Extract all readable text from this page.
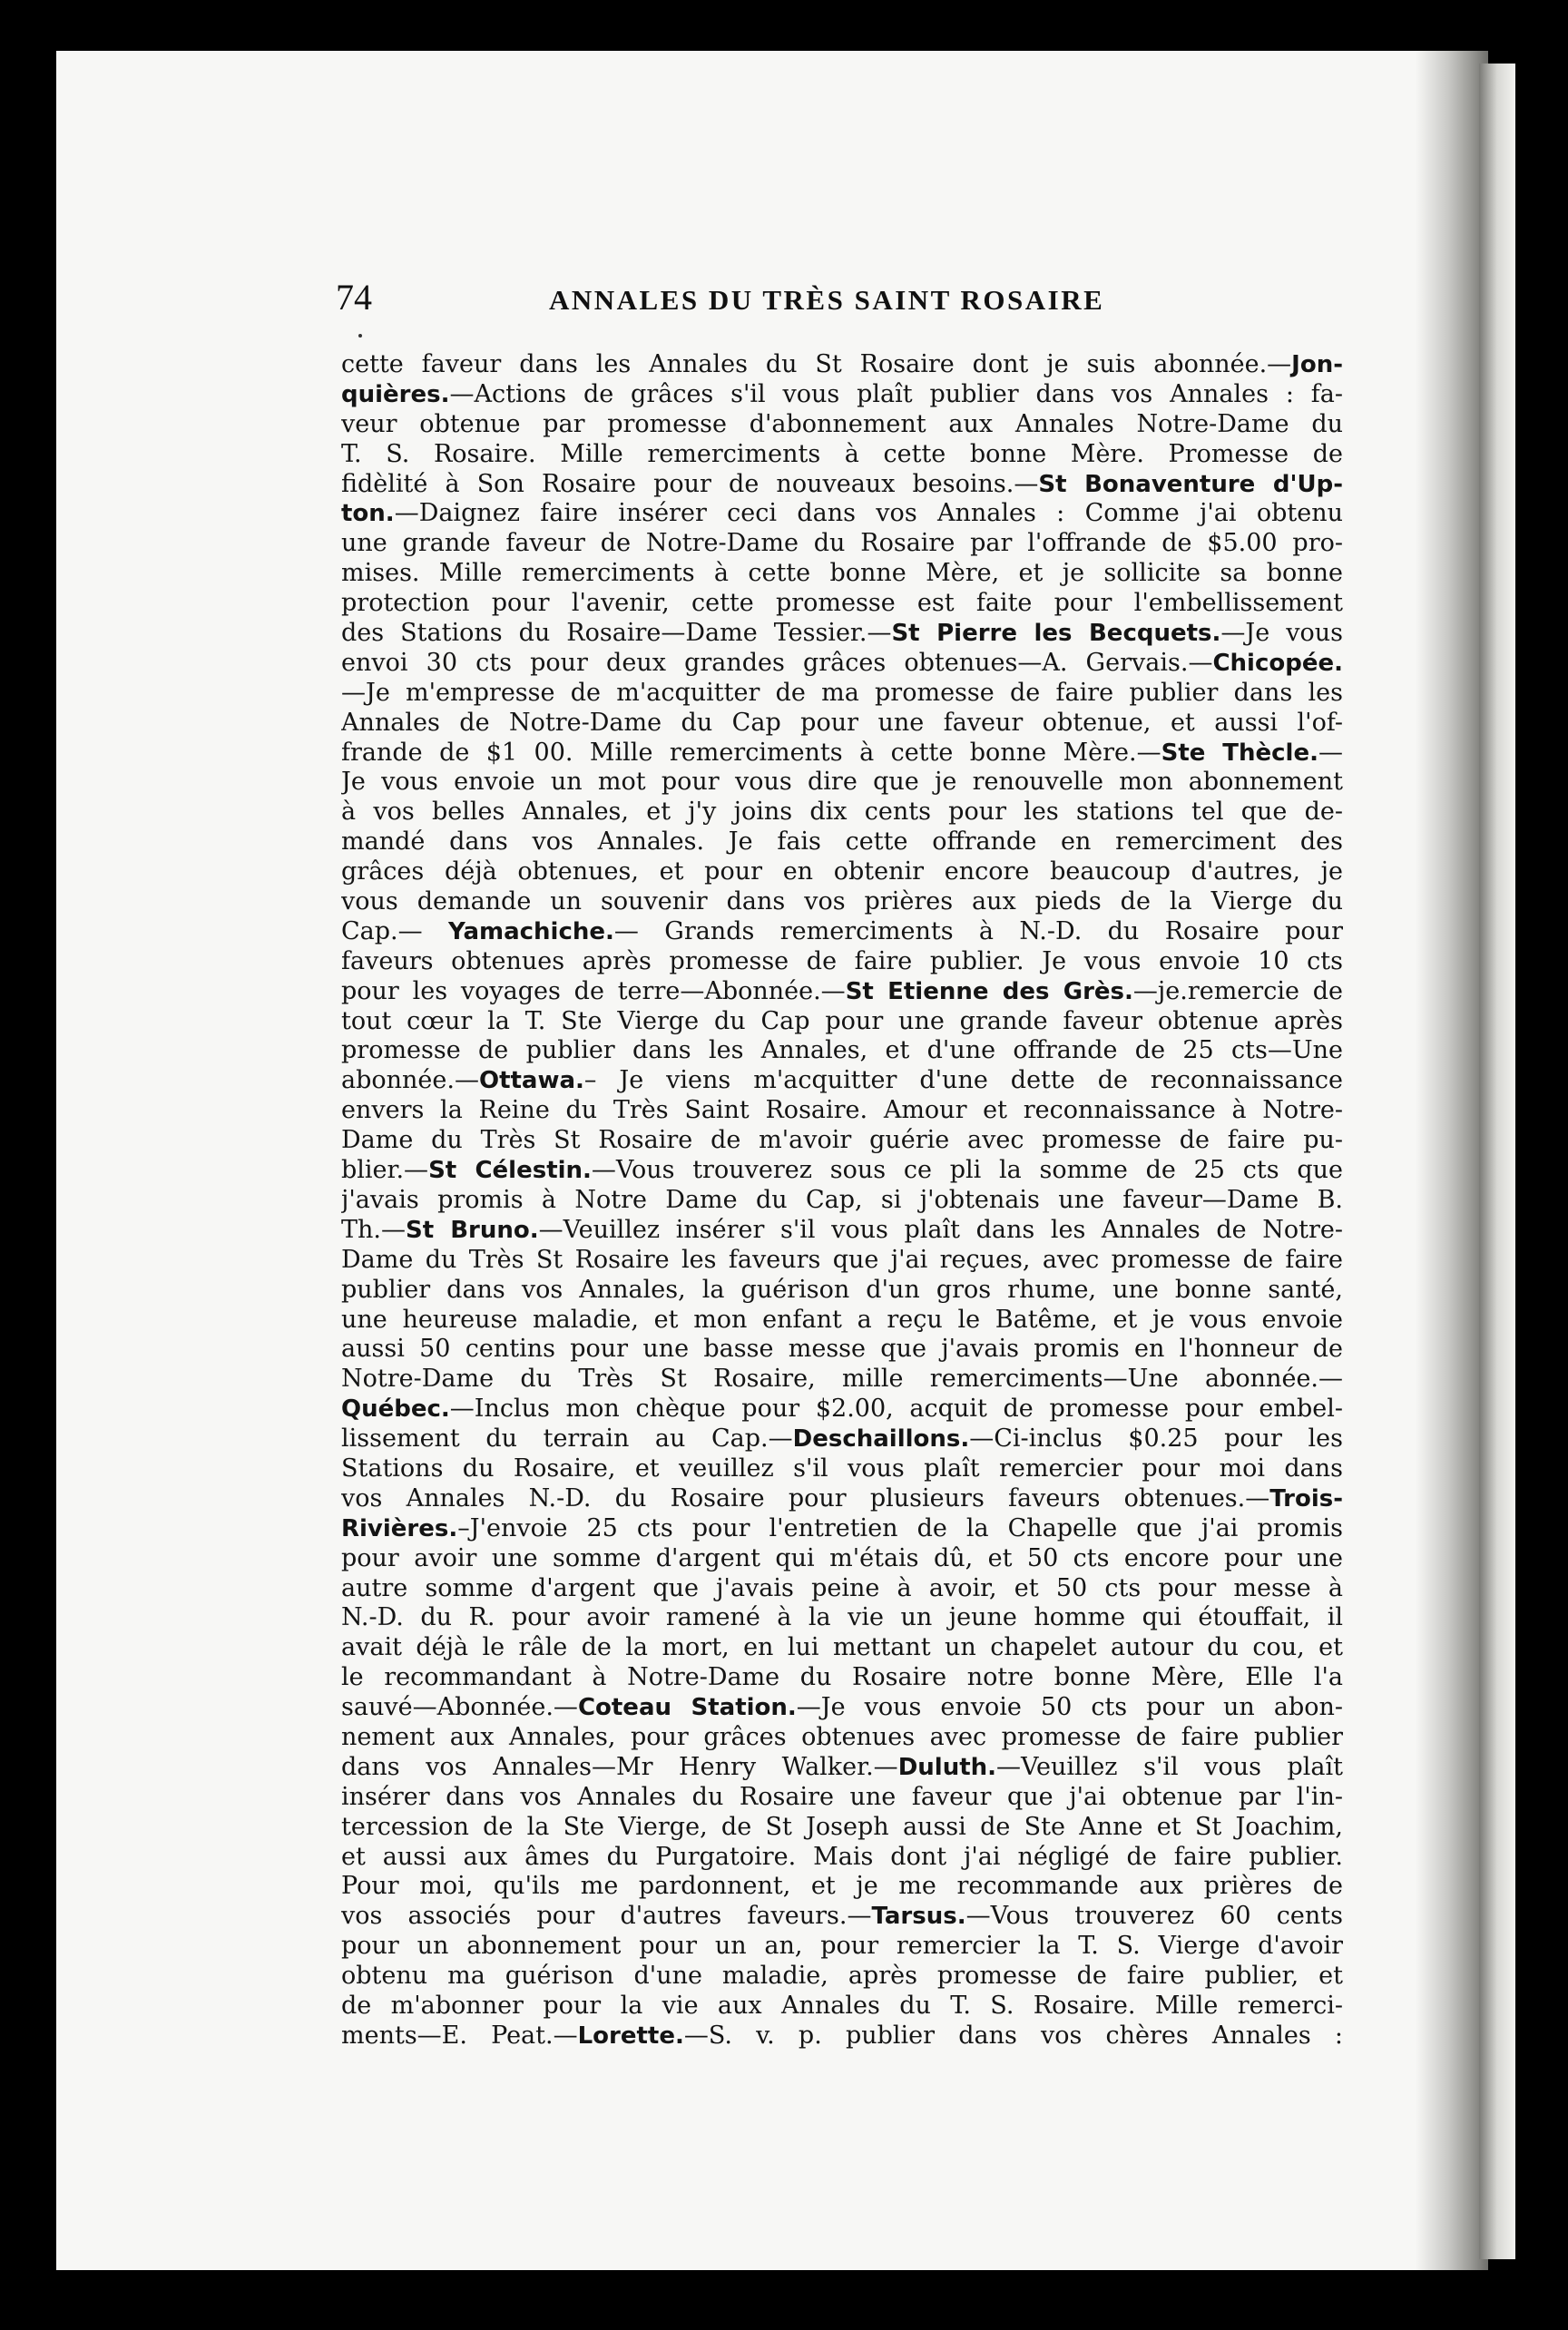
74	ANNALES DU TRÈS SAINT ROSAIRE

cette faveur dans les Annales du St Rosaire dont je suis abonnée.—Jon-

quières.—Actions de grâces s'il vous plaît publier dans vos Annales : fa-

veur obtenue par promesse d'abonnement aux Annales Notre-Dame du

T. S. Rosaire. Mille remerciments à cette bonne Mère. Promesse de

fidèlité à Son Rosaire pour de nouveaux besoins.—St Bonaventure d'Up-

ton.—Daignez faire insérer ceci dans vos Annales : Comme j'ai obtenu

une grande faveur de Notre-Dame du Rosaire par l'offrande de $5.00 pro-

mises. Mille remerciments à cette bonne Mère, et je sollicite sa bonne

protection pour l'avenir, cette promesse est faite pour l'embellissement

des Stations du Rosaire—Dame Tessier.—St Pierre les Becquets.—Je vous

envoi 30 cts pour deux grandes grâces obtenues—A. Gervais.—Chicopée.

—Je m'empresse de m'acquitter de ma promesse de faire publier dans les

Annales de Notre-Dame du Cap pour une faveur obtenue, et aussi l'of-

frande de $1 00. Mille remerciments à cette bonne Mère.—Ste Thècle.—

Je vous envoie un mot pour vous dire que je renouvelle mon abonnement

à vos belles Annales, et j'y joins dix cents pour les stations tel que de-

mandé dans vos Annales. Je fais cette offrande en remerciment des

grâces déjà obtenues, et pour en obtenir encore beaucoup d'autres, je

vous demande un souvenir dans vos prières aux pieds de la Vierge du

Cap.— Yamachiche.— Grands remerciments à N.-D. du Rosaire pour

faveurs obtenues après promesse de faire publier. Je vous envoie 10 cts

pour les voyages de terre—Abonnée.—St Etienne des Grès.—je.remercie de

tout cœur la T. Ste Vierge du Cap pour une grande faveur obtenue après

promesse de publier dans les Annales, et d'une offrande de 25 cts—Une

abonnée.—Ottawa.– Je viens m'acquitter d'une dette de reconnaissance

envers la Reine du Très Saint Rosaire. Amour et reconnaissance à Notre-

Dame du Très St Rosaire de m'avoir guérie avec promesse de faire pu-

blier.—St Célestin.—Vous trouverez sous ce pli la somme de 25 cts que

j'avais promis à Notre Dame du Cap, si j'obtenais une faveur—Dame B.

Th.—St Bruno.—Veuillez insérer s'il vous plaît dans les Annales de Notre-

Dame du Très St Rosaire les faveurs que j'ai reçues, avec promesse de faire

publier dans vos Annales, la guérison d'un gros rhume, une bonne santé,

une heureuse maladie, et mon enfant a reçu le Batême, et je vous envoie

aussi 50 centins pour une basse messe que j'avais promis en l'honneur de

Notre-Dame du Très St Rosaire, mille remerciments—Une abonnée.—

Québec.—Inclus mon chèque pour $2.00, acquit de promesse pour embel-

lissement du terrain au Cap.—Deschaillons.—Ci-inclus $0.25 pour les

Stations du Rosaire, et veuillez s'il vous plaît remercier pour moi dans

vos Annales N.-D. du Rosaire pour plusieurs faveurs obtenues.—Trois-

Rivières.–J'envoie 25 cts pour l'entretien de la Chapelle que j'ai promis

pour avoir une somme d'argent qui m'étais dû, et 50 cts encore pour une

autre somme d'argent que j'avais peine à avoir, et 50 cts pour messe à

N.-D. du R. pour avoir ramené à la vie un jeune homme qui étouffait, il

avait déjà le râle de la mort, en lui mettant un chapelet autour du cou, et

le recommandant à Notre-Dame du Rosaire notre bonne Mère, Elle l'a

sauvé—Abonnée.—Coteau Station.—Je vous envoie 50 cts pour un abon-

nement aux Annales, pour grâces obtenues avec promesse de faire publier

dans vos Annales—Mr Henry Walker.—Duluth.—Veuillez s'il vous plaît

insérer dans vos Annales du Rosaire une faveur que j'ai obtenue par l'in-

tercession de la Ste Vierge, de St Joseph aussi de Ste Anne et St Joachim,

et aussi aux âmes du Purgatoire. Mais dont j'ai négligé de faire publier.

Pour moi, qu'ils me pardonnent, et je me recommande aux prières de

vos associés pour d'autres faveurs.—Tarsus.—Vous trouverez 60 cents

pour un abonnement pour un an, pour remercier la T. S. Vierge d'avoir

obtenu ma guérison d'une maladie, après promesse de faire publier, et

de m'abonner pour la vie aux Annales du T. S. Rosaire. Mille remerci-

ments—E. Peat.—Lorette.—S. v. p. publier dans vos chères Annales :
